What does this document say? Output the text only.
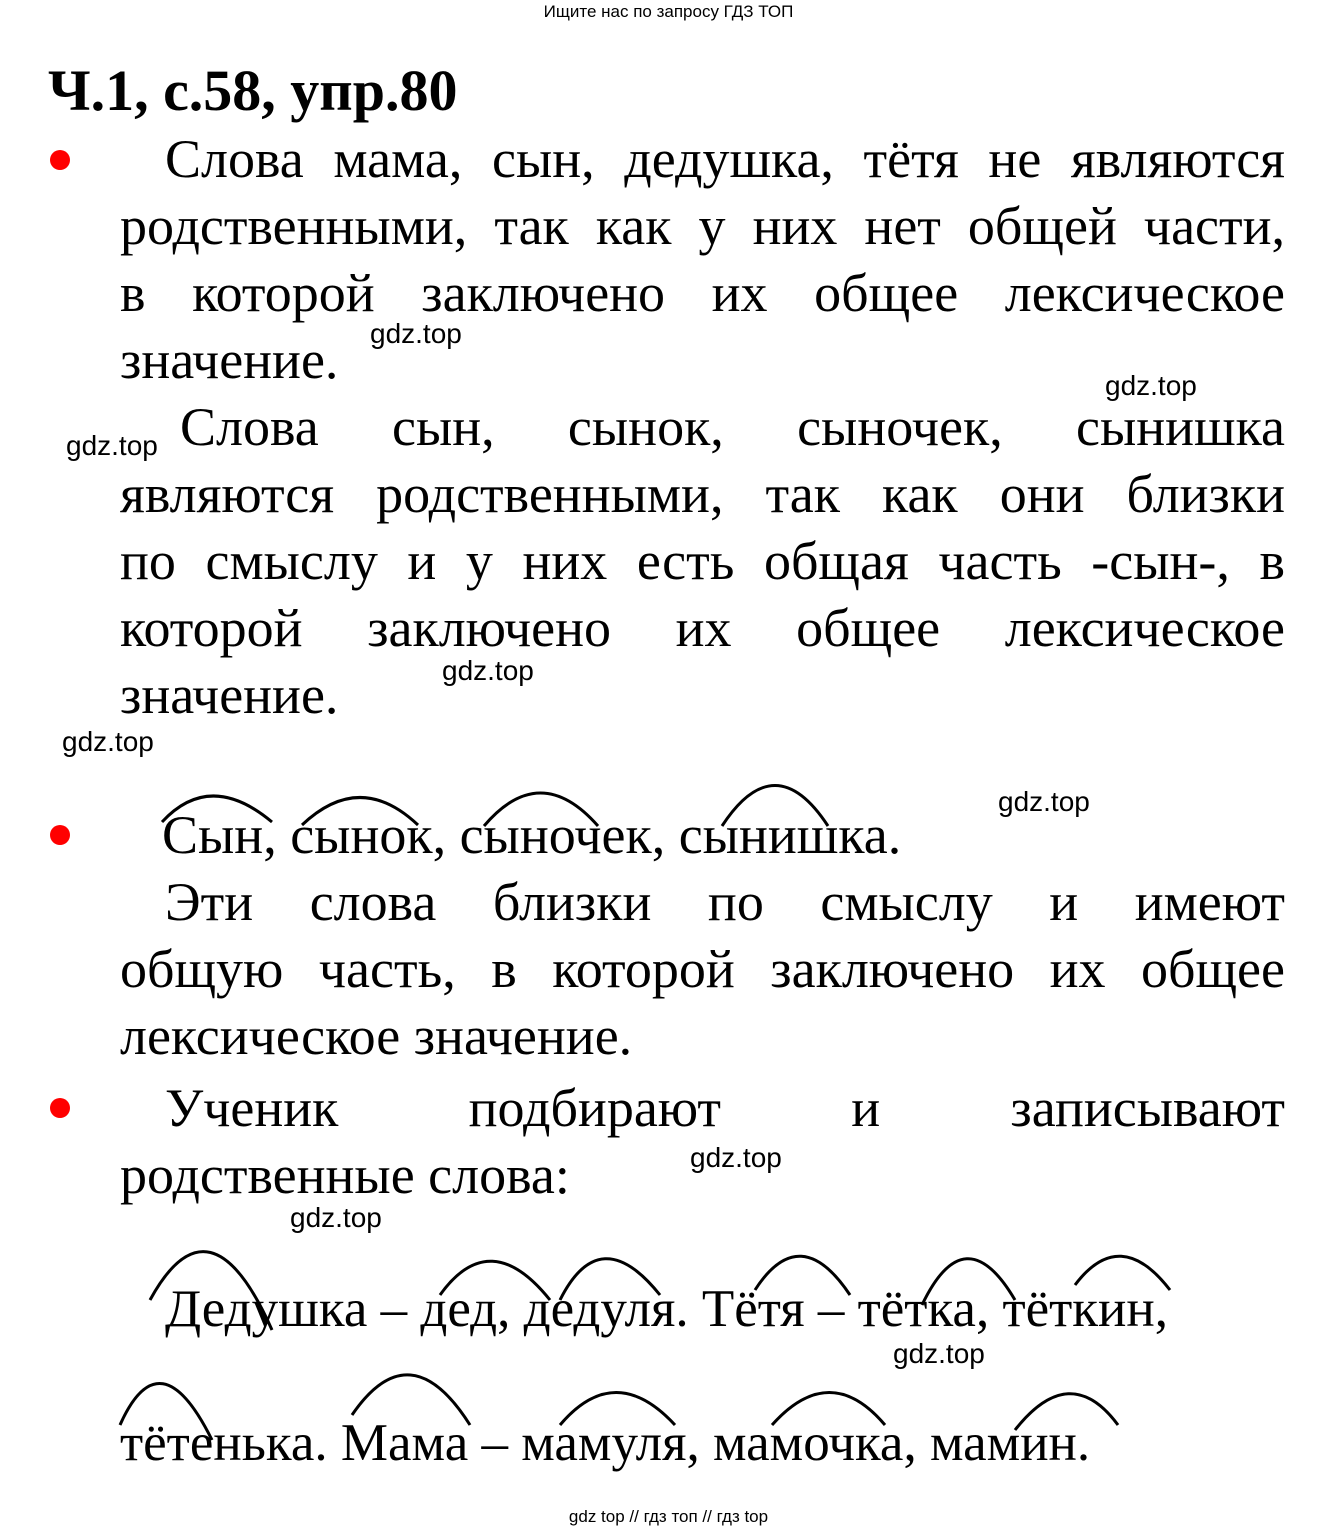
Ищите нас по запросу ГДЗ ТОП
Ч.1, с.58, упр.80
Слова мама, сын, дедушка, тётя не являются
родственными, так как у них нет общей части,
в которой заключено их общее лексическое
значение.
Слова сын, сынок, сыночек, сынишка
являются родственными, так как они близки
по смыслу и у них есть общая часть -сын-, в
которой заключено их общее лексическое
значение.
Сын, сынок, сыночек, сынишка.
Эти слова близки по смыслу и имеют
общую часть, в которой заключено их общее
лексическое значение.
Ученик подбирают и записывают
родственные слова:
Дедушка – дед, дедуля. Тётя – тётка, тёткин,
тётенька. Мама – мамуля, мамочка, мамин.
gdz.top
gdz.top
gdz.top
gdz.top
gdz.top
gdz.top
gdz.top
gdz.top
gdz.top
gdz top // гдз топ // гдз top
